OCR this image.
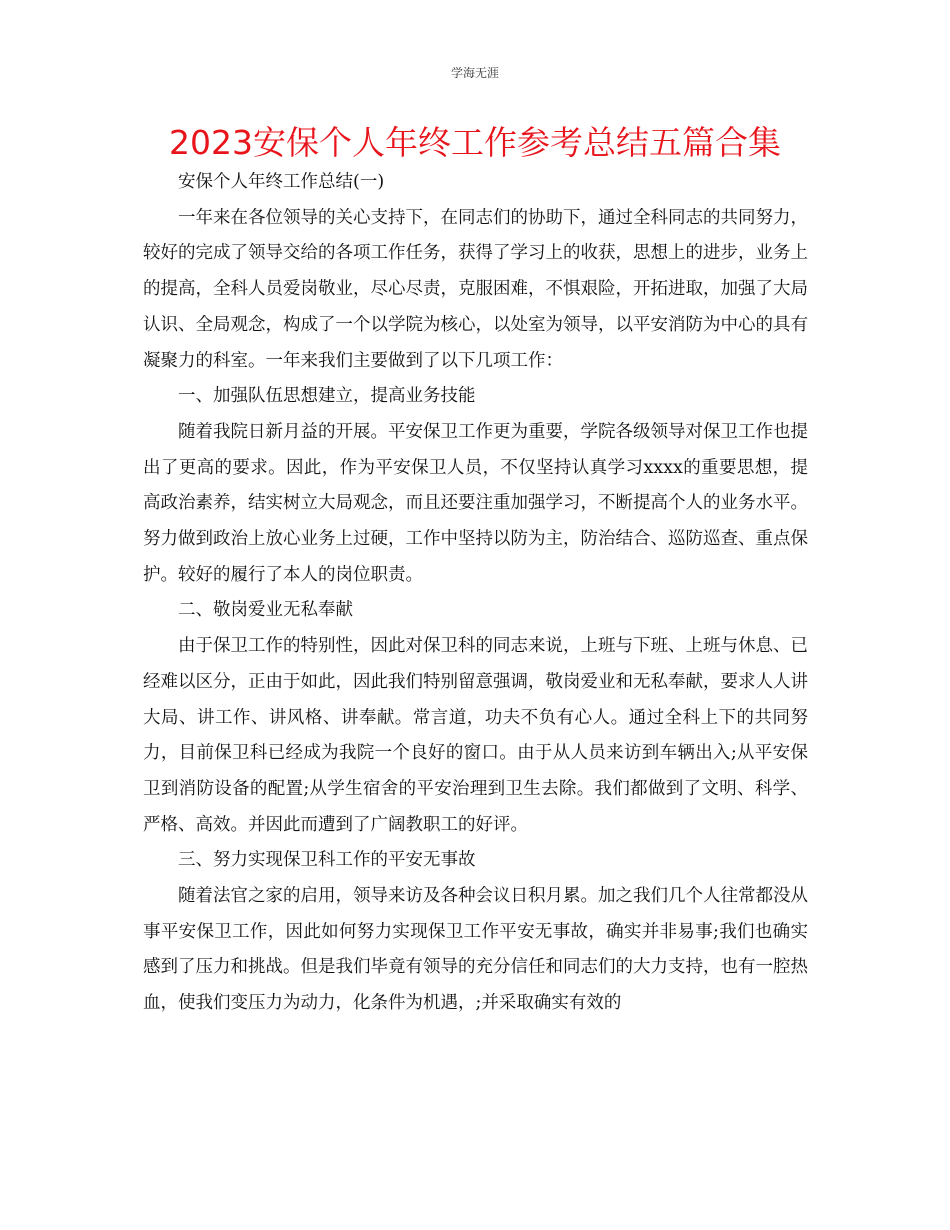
学海无涯
2023安保个人年终工作参考总结五篇合集

安保个人年终工作总结(一)

一年来在各位领导的关心支持下，在同志们的协助下，通过全科同志的共同努力，较好的完成了领导交给的各项工作任务，获得了学习上的收获，思想上的进步，业务上的提高，全科人员爱岗敬业，尽心尽责，克服困难，不惧艰险，开拓进取，加强了大局认识、全局观念，构成了一个以学院为核心，以处室为领导，以平安消防为中心的具有凝聚力的科室。一年来我们主要做到了以下几项工作：

一、加强队伍思想建立，提高业务技能

随着我院日新月益的开展。平安保卫工作更为重要，学院各级领导对保卫工作也提出了更高的要求。因此，作为平安保卫人员，不仅坚持认真学习xxxx的重要思想，提高政治素养，结实树立大局观念，而且还要注重加强学习，不断提高个人的业务水平。努力做到政治上放心业务上过硬，工作中坚持以防为主，防治结合、巡防巡查、重点保护。较好的履行了本人的岗位职责。

二、敬岗爱业无私奉献

由于保卫工作的特别性，因此对保卫科的同志来说，上班与下班、上班与休息、已经难以区分，正由于如此，因此我们特别留意强调，敬岗爱业和无私奉献，要求人人讲大局、讲工作、讲风格、讲奉献。常言道，功夫不负有心人。通过全科上下的共同努力，目前保卫科已经成为我院一个良好的窗口。由于从人员来访到车辆出入;从平安保卫到消防设备的配置;从学生宿舍的平安治理到卫生去除。我们都做到了文明、科学、严格、高效。并因此而遭到了广阔教职工的好评。

三、努力实现保卫科工作的平安无事故

随着法官之家的启用，领导来访及各种会议日积月累。加之我们几个人往常都没从事平安保卫工作，因此如何努力实现保卫工作平安无事故，确实并非易事;我们也确实感到了压力和挑战。但是我们毕竟有领导的充分信任和同志们的大力支持，也有一腔热血，使我们变压力为动力，化条件为机遇，;并采取确实有效的
